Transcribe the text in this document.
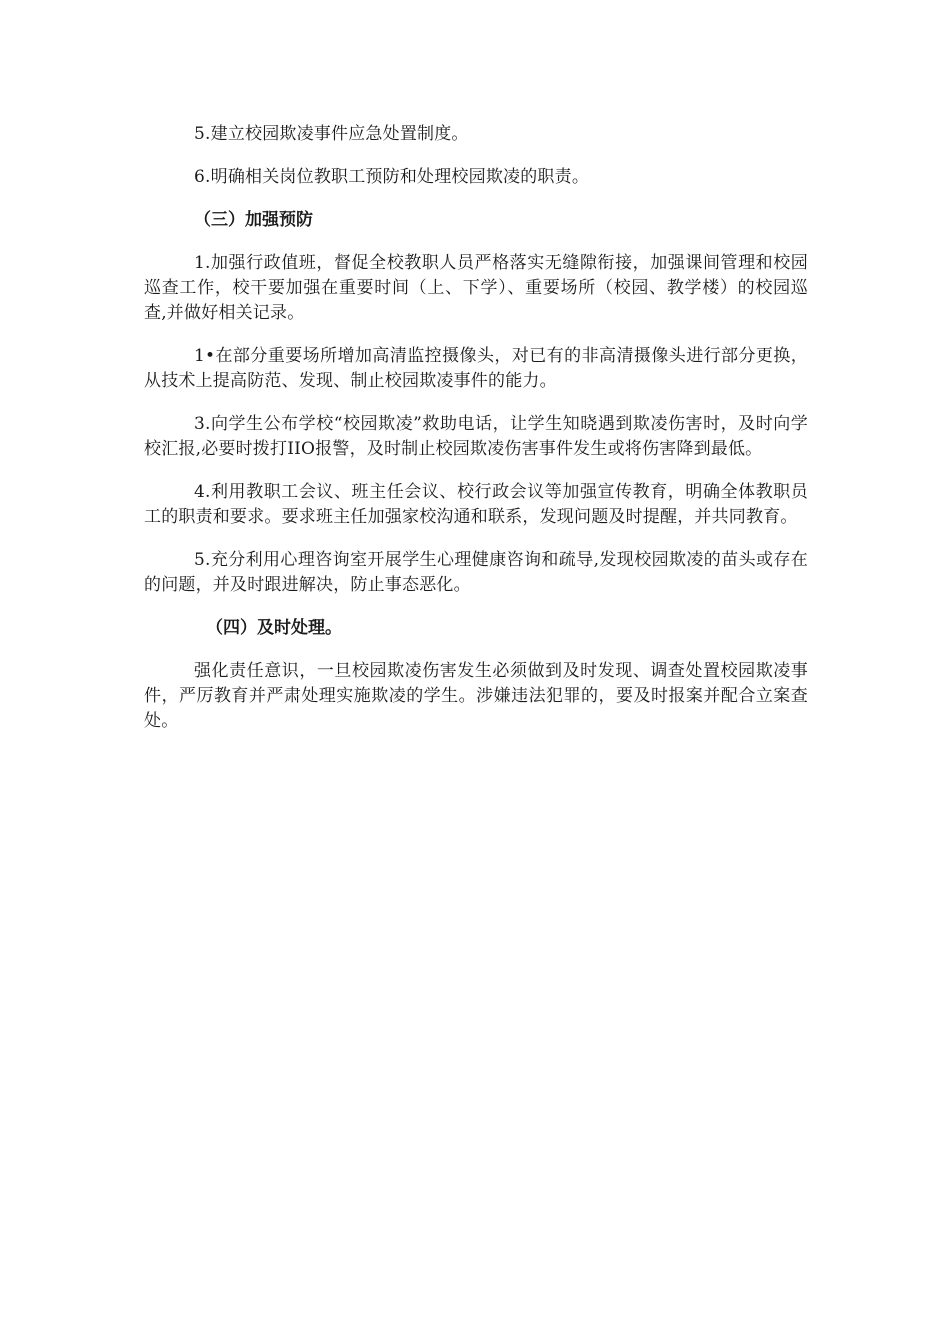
5.建立校园欺凌事件应急处置制度。

6.明确相关岗位教职工预防和处理校园欺凌的职责。

（三）加强预防

1.加强行政值班，督促全校教职人员严格落实无缝隙衔接，加强课间管理和校园巡查工作，校干要加强在重要时间（上、下学）、重要场所（校园、教学楼）的校园巡查,并做好相关记录。

1•在部分重要场所增加高清监控摄像头，对已有的非高清摄像头进行部分更换，从技术上提高防范、发现、制止校园欺凌事件的能力。

3.向学生公布学校“校园欺凌”救助电话，让学生知晓遇到欺凌伤害时，及时向学校汇报,必要时拨打IIO报警，及时制止校园欺凌伤害事件发生或将伤害降到最低。

4.利用教职工会议、班主任会议、校行政会议等加强宣传教育，明确全体教职员工的职责和要求。要求班主任加强家校沟通和联系，发现问题及时提醒，并共同教育。

5.充分利用心理咨询室开展学生心理健康咨询和疏导,发现校园欺凌的苗头或存在的问题，并及时跟进解决，防止事态恶化。

（四）及时处理。

强化责任意识，一旦校园欺凌伤害发生必须做到及时发现、调查处置校园欺凌事件，严厉教育并严肃处理实施欺凌的学生。涉嫌违法犯罪的，要及时报案并配合立案查处。
